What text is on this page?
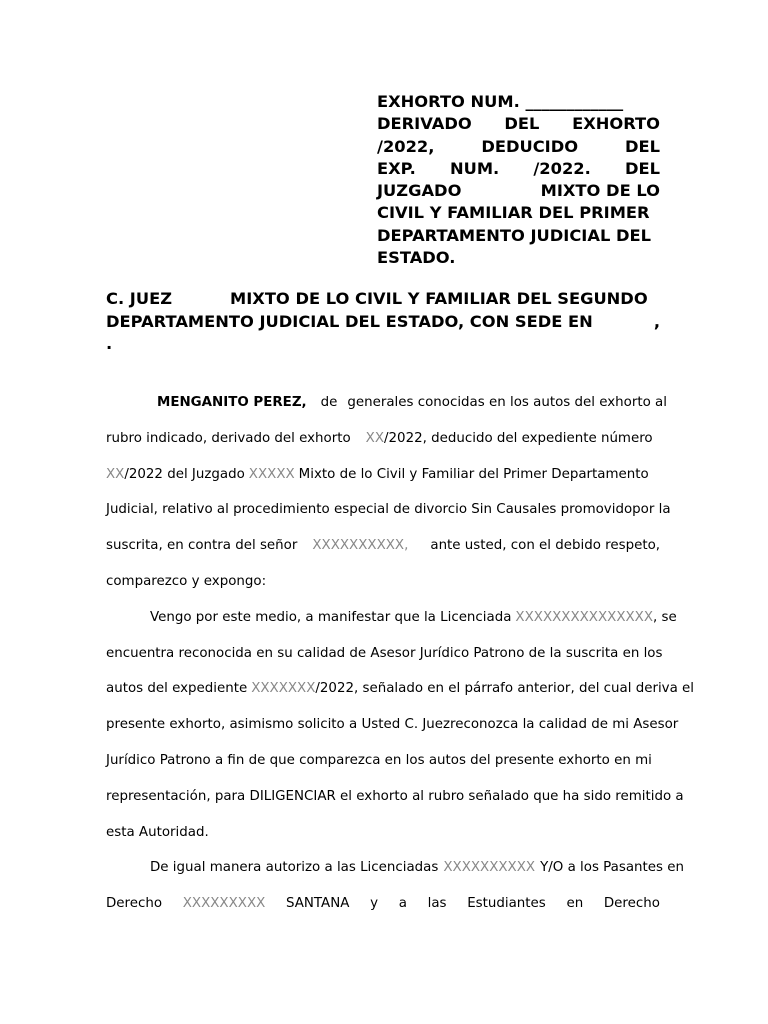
EXHORTO NUM. ____________
DERIVADO DEL EXHORTO
/2022,	DEDUCIDO	DEL
EXP. NUM. /2022. DEL
JUZGADO	MIXTO DE LO
CIVIL Y FAMILIAR DEL PRIMER
DEPARTAMENTO JUDICIAL DEL
ESTADO.
C. JUEZ	MIXTO DE LO CIVIL Y FAMILIAR DEL SEGUNDO
DEPARTAMENTO JUDICIAL DEL ESTADO, CON SEDE EN	,
.
MENGANITO PEREZ, de generales conocidas en los autos del exhorto al
rubro indicado, derivado del exhorto XX /2022, deducido del expediente número
XX /2022 del Juzgado XXXXX Mixto de lo Civil y Familiar del Primer Departamento
Judicial, relativo al procedimiento especial de divorcio Sin Causales promovido por la
suscrita, en contra del señor XXXXXXXXXX, ante usted, con el debido respeto,
comparezco y expongo:
Vengo por este medio, a manifestar que la Licenciada XXXXXXXXXXXXXXX , se
encuentra reconocida en su calidad de Asesor Jurídico Patrono de la suscrita en los
autos del expediente XXXXXXX /2022, señalado en el párrafo anterior, del cual deriva el
presente exhorto, asimismo solicito a Usted C. Juez reconozca la calidad de mi Asesor
Jurídico Patrono a fin de que comparezca en los autos del presente exhorto en mi
representación, para DILIGENCIAR el exhorto al rubro señalado que ha sido remitido a
esta Autoridad.
De igual manera autorizo a las Licenciadas XXXXXXXXXX Y/O a los Pasantes en
Derecho XXXXXXXXX SANTANA y a las Estudiantes en Derecho
